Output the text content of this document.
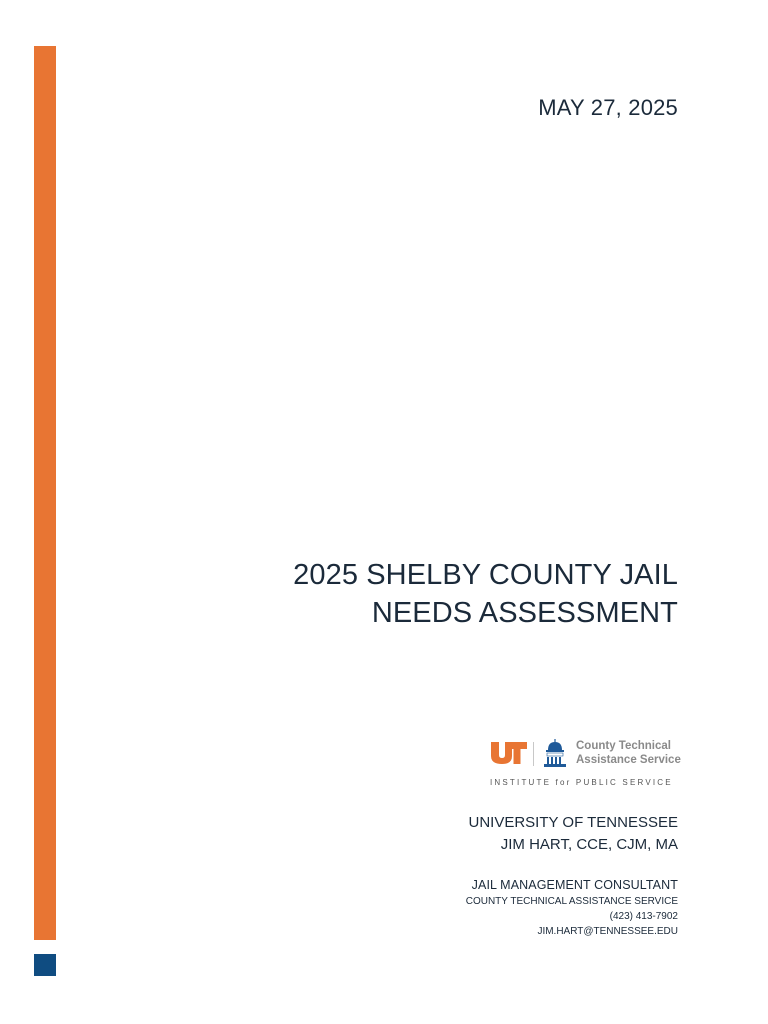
MAY 27, 2025
2025 SHELBY COUNTY JAIL
NEEDS ASSESSMENT
County Technical
Assistance Service
INSTITUTE for PUBLIC SERVICE
UNIVERSITY OF TENNESSEE
JIM HART, CCE, CJM, MA
JAIL MANAGEMENT CONSULTANT
COUNTY TECHNICAL ASSISTANCE SERVICE
(423) 413-7902
JIM.HART@TENNESSEE.EDU
